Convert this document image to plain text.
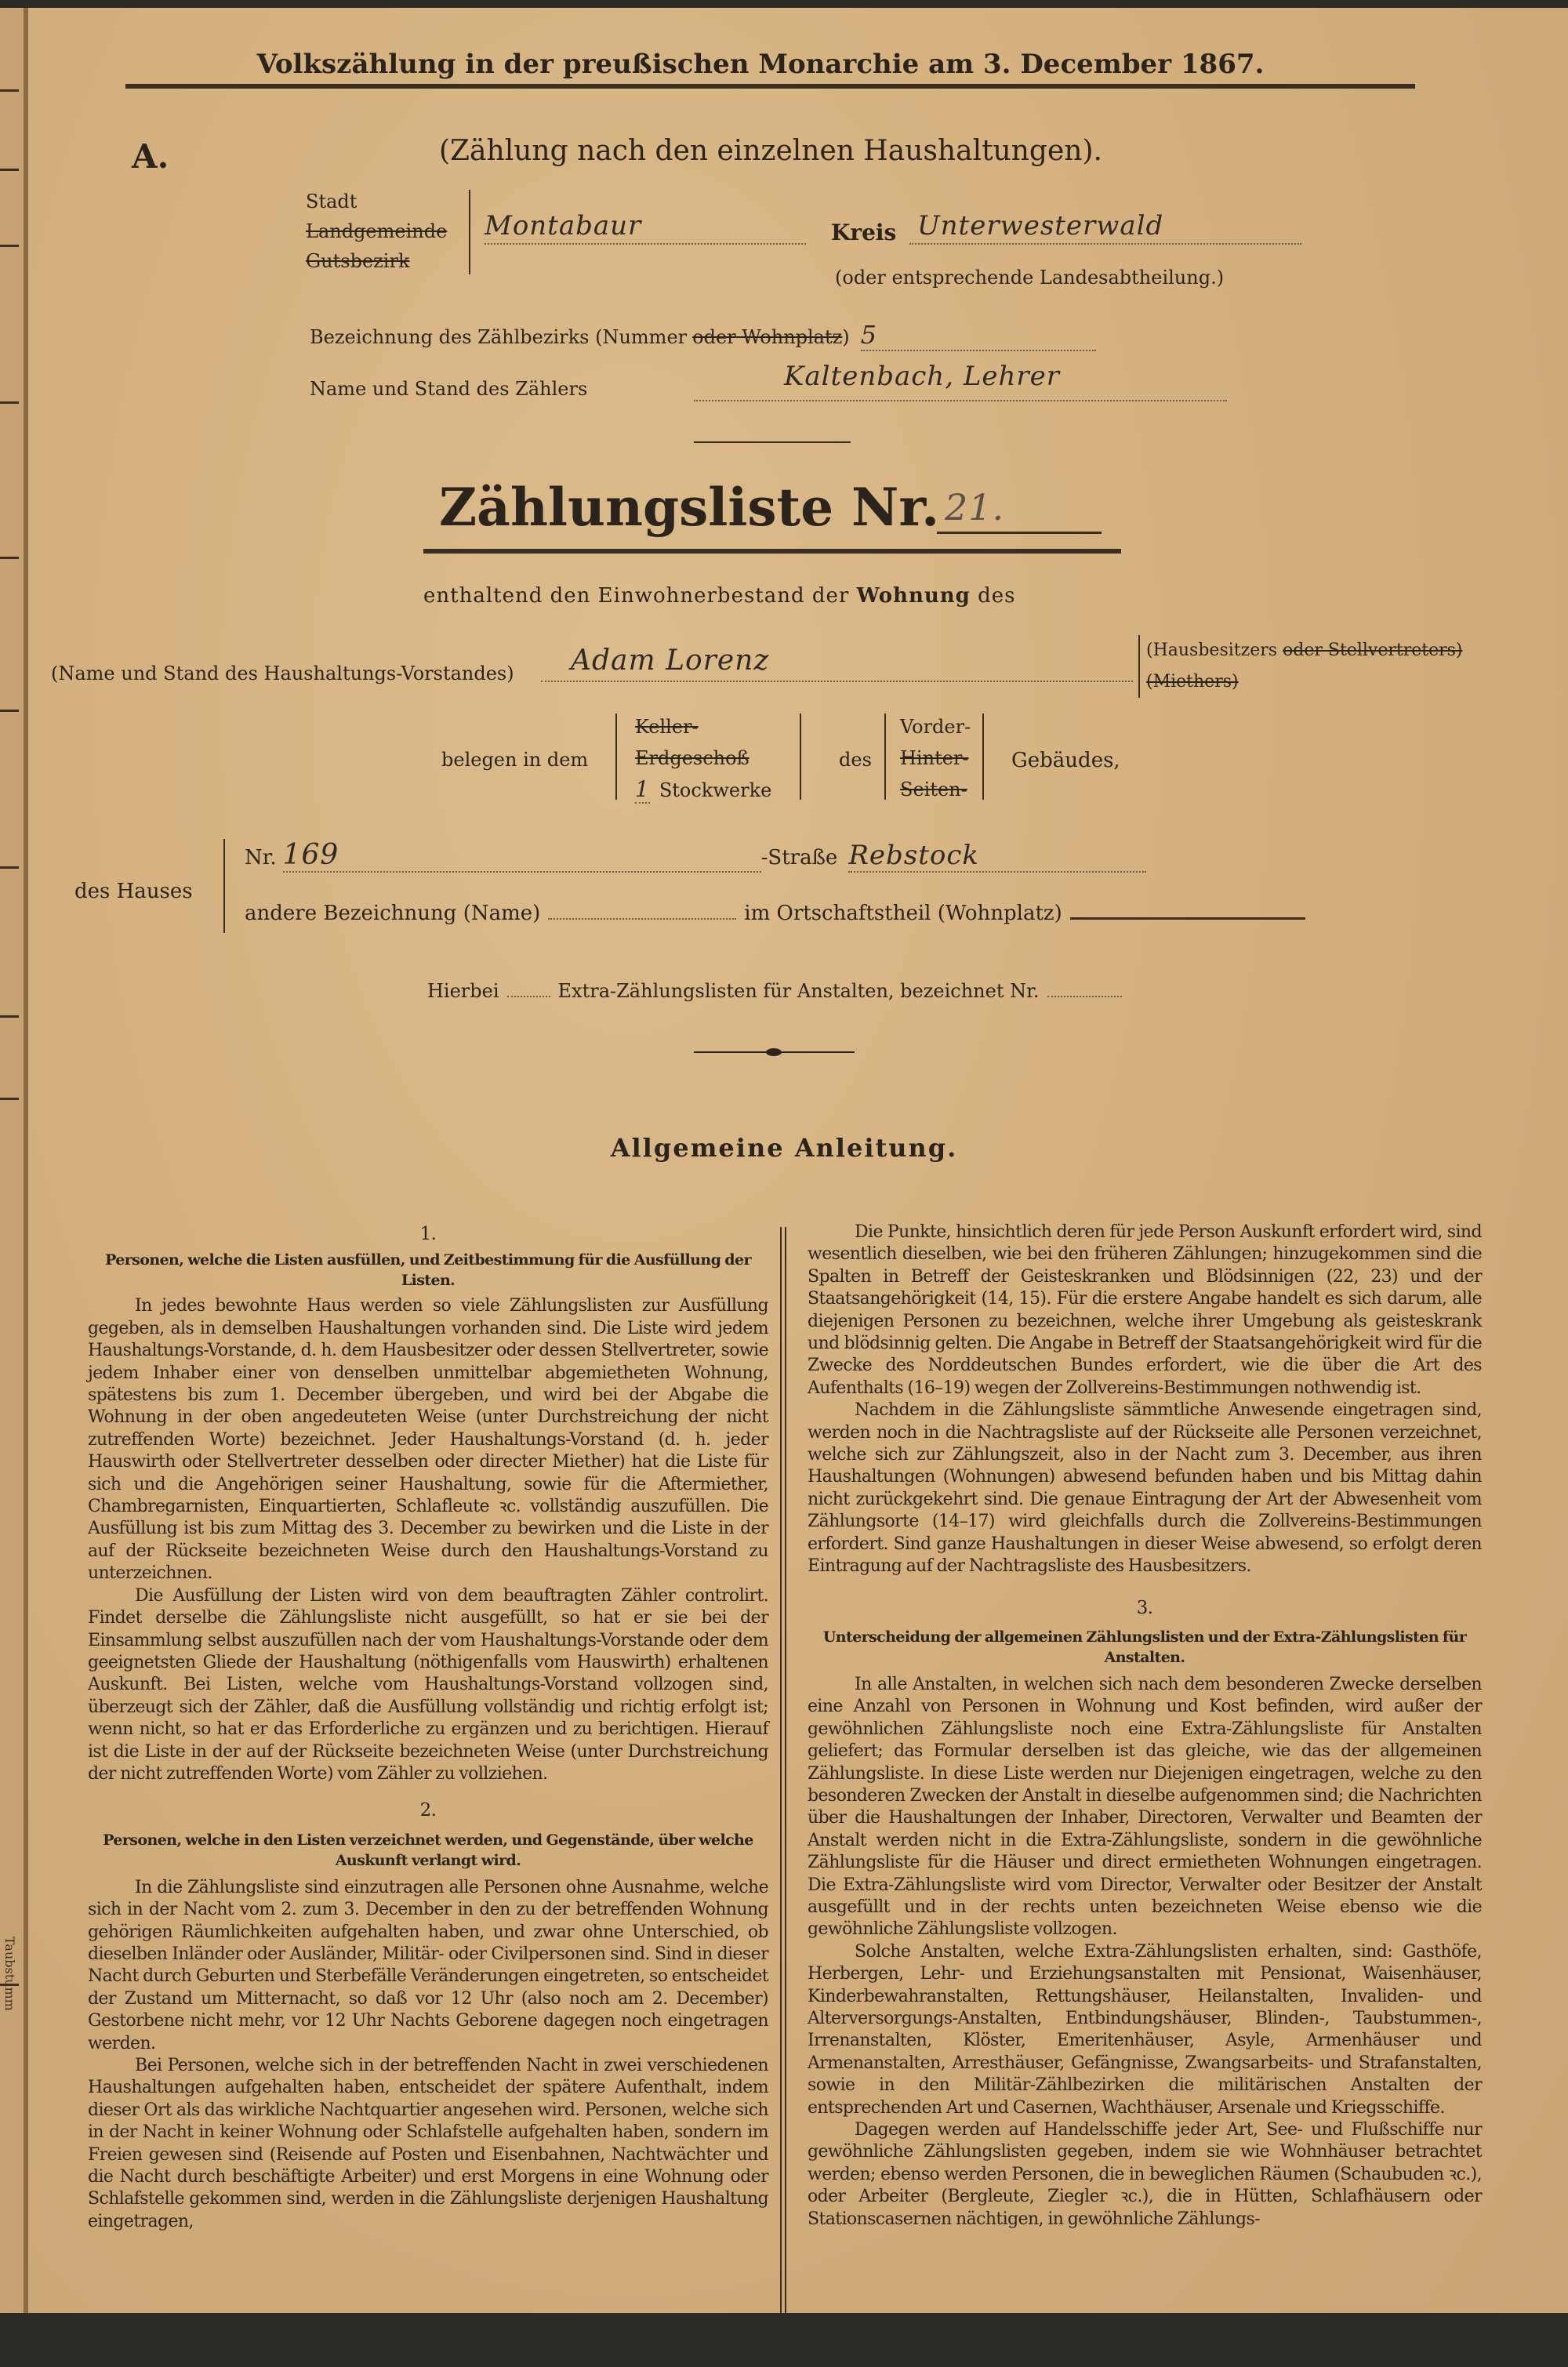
Volkszählung in der preußischen Monarchie am 3. December 1867.
A.	(Zählung nach den einzelnen Haushaltungen).
Stadt
Landgemeinde
Gutsbezirk
Montabaur	Kreis Unterwesterwald
(oder entsprechende Landesabtheilung.)
Bezeichnung des Zählbezirks (Nummer oder Wohnplatz ) 5
Name und Stand des Zählers	Kaltenbach, Lehrer
Zählungsliste Nr. 21.
enthaltend den Einwohnerbestand der Wohnung des
(Name und Stand des Haushaltungs-Vorstandes) Adam Lorenz	(Hausbesitzers oder Stellvertreters)
(Miethers)
belegen in dem
Keller-
Erdgeschoß
1 Stockwerke
des
Vorder-
Hinter-
Seiten-
Gebäudes,
des Hauses
Nr. 169	-Straße Rebstock
andere Bezeichnung (Name)	im Ortschaftstheil (Wohnplatz)
Hierbei	Extra-Zählungslisten für Anstalten, bezeichnet Nr.
Allgemeine Anleitung.

1.

Personen, welche die Listen ausfüllen, und Zeitbestimmung für die Ausfüllung der Listen.

In jedes bewohnte Haus werden so viele Zählungslisten zur Ausfüllung gegeben, als in demselben Haushaltungen vorhanden sind. Die Liste wird jedem Haushaltungs-Vorstande, d. h. dem Hausbesitzer oder dessen Stellvertreter, sowie jedem Inhaber einer von denselben unmittelbar abgemietheten Wohnung, spätestens bis zum 1. December übergeben, und wird bei der Abgabe die Wohnung in der oben angedeuteten Weise (unter Durchstreichung der nicht zutreffenden Worte) bezeichnet. Jeder Haushaltungs-Vorstand (d. h. jeder Hauswirth oder Stellvertreter desselben oder directer Miether) hat die Liste für sich und die Angehörigen seiner Haushaltung, sowie für die Aftermiether, Chambregarnisten, Einquartierten, Schlafleute ꝛc. vollständig auszufüllen. Die Ausfüllung ist bis zum Mittag des 3. December zu bewirken und die Liste in der auf der Rückseite bezeichneten Weise durch den Haushaltungs-Vorstand zu unterzeichnen.

Die Ausfüllung der Listen wird von dem beauftragten Zähler controlirt. Findet derselbe die Zählungsliste nicht ausgefüllt, so hat er sie bei der Einsammlung selbst auszufüllen nach der vom Haushaltungs-Vorstande oder dem geeignetsten Gliede der Haushaltung (nöthigenfalls vom Hauswirth) erhaltenen Auskunft. Bei Listen, welche vom Haushaltungs-Vorstand vollzogen sind, überzeugt sich der Zähler, daß die Ausfüllung vollständig und richtig erfolgt ist; wenn nicht, so hat er das Erforderliche zu ergänzen und zu berichtigen. Hierauf ist die Liste in der auf der Rückseite bezeichneten Weise (unter Durchstreichung der nicht zutreffenden Worte) vom Zähler zu vollziehen.

2.

Personen, welche in den Listen verzeichnet werden, und Gegenstände, über welche Auskunft verlangt wird.

In die Zählungsliste sind einzutragen alle Personen ohne Ausnahme, welche sich in der Nacht vom 2. zum 3. December in den zu der betreffenden Wohnung gehörigen Räumlichkeiten aufgehalten haben, und zwar ohne Unterschied, ob dieselben Inländer oder Ausländer, Militär- oder Civilpersonen sind. Sind in dieser Nacht durch Geburten und Sterbefälle Veränderungen eingetreten, so entscheidet der Zustand um Mitternacht, so daß vor 12 Uhr (also noch am 2. December) Gestorbene nicht mehr, vor 12 Uhr Nachts Geborene dagegen noch eingetragen werden.

Bei Personen, welche sich in der betreffenden Nacht in zwei verschiedenen Haushaltungen aufgehalten haben, entscheidet der spätere Aufenthalt, indem dieser Ort als das wirkliche Nachtquartier angesehen wird. Personen, welche sich in der Nacht in keiner Wohnung oder Schlafstelle aufgehalten haben, sondern im Freien gewesen sind (Reisende auf Posten und Eisenbahnen, Nachtwächter und die Nacht durch beschäftigte Arbeiter) und erst Morgens in eine Wohnung oder Schlafstelle gekommen sind, werden in die Zählungsliste derjenigen Haushaltung eingetragen,

Die Punkte, hinsichtlich deren für jede Person Auskunft erfordert wird, sind wesentlich dieselben, wie bei den früheren Zählungen; hinzugekommen sind die Spalten in Betreff der Geisteskranken und Blödsinnigen (22, 23) und der Staatsangehörigkeit (14, 15). Für die erstere Angabe handelt es sich darum, alle diejenigen Personen zu bezeichnen, welche ihrer Umgebung als geisteskrank und blödsinnig gelten. Die Angabe in Betreff der Staatsangehörigkeit wird für die Zwecke des Norddeutschen Bundes erfordert, wie die über die Art des Aufenthalts (16–19) wegen der Zollvereins-Bestimmungen nothwendig ist.

Nachdem in die Zählungsliste sämmtliche Anwesende eingetragen sind, werden noch in die Nachtragsliste auf der Rückseite alle Personen verzeichnet, welche sich zur Zählungszeit, also in der Nacht zum 3. December, aus ihren Haushaltungen (Wohnungen) abwesend befunden haben und bis Mittag dahin nicht zurückgekehrt sind. Die genaue Eintragung der Art der Abwesenheit vom Zählungsorte (14–17) wird gleichfalls durch die Zollvereins-Bestimmungen erfordert. Sind ganze Haushaltungen in dieser Weise abwesend, so erfolgt deren Eintragung auf der Nachtragsliste des Hausbesitzers.

3.

Unterscheidung der allgemeinen Zählungslisten und der Extra-Zählungslisten für Anstalten.

In alle Anstalten, in welchen sich nach dem besonderen Zwecke derselben eine Anzahl von Personen in Wohnung und Kost befinden, wird außer der gewöhnlichen Zählungsliste noch eine Extra-Zählungsliste für Anstalten geliefert; das Formular derselben ist das gleiche, wie das der allgemeinen Zählungsliste. In diese Liste werden nur Diejenigen eingetragen, welche zu den besonderen Zwecken der Anstalt in dieselbe aufgenommen sind; die Nachrichten über die Haushaltungen der Inhaber, Directoren, Verwalter und Beamten der Anstalt werden nicht in die Extra-Zählungsliste, sondern in die gewöhnliche Zählungsliste für die Häuser und direct ermietheten Wohnungen eingetragen. Die Extra-Zählungsliste wird vom Director, Verwalter oder Besitzer der Anstalt ausgefüllt und in der rechts unten bezeichneten Weise ebenso wie die gewöhnliche Zählungsliste vollzogen.

Solche Anstalten, welche Extra-Zählungslisten erhalten, sind: Gasthöfe, Herbergen, Lehr- und Erziehungsanstalten mit Pensionat, Waisenhäuser, Kinderbewahranstalten, Rettungshäuser, Heilanstalten, Invaliden- und Alterversorgungs-Anstalten, Entbindungshäuser, Blinden-, Taubstummen-, Irrenanstalten, Klöster, Emeritenhäuser, Asyle, Armenhäuser und Armenanstalten, Arresthäuser, Gefängnisse, Zwangsarbeits- und Strafanstalten, sowie in den Militär-Zählbezirken die militärischen Anstalten der entsprechenden Art und Casernen, Wachthäuser, Arsenale und Kriegsschiffe.

Dagegen werden auf Handelsschiffe jeder Art, See- und Flußschiffe nur gewöhnliche Zählungslisten gegeben, indem sie wie Wohnhäuser betrachtet werden; ebenso werden Personen, die in beweglichen Räumen (Schaubuden ꝛc.), oder Arbeiter (Bergleute, Ziegler ꝛc.), die in Hütten, Schlafhäusern oder Stationscasernen nächtigen, in gewöhnliche Zählungs-

Taubstumm
